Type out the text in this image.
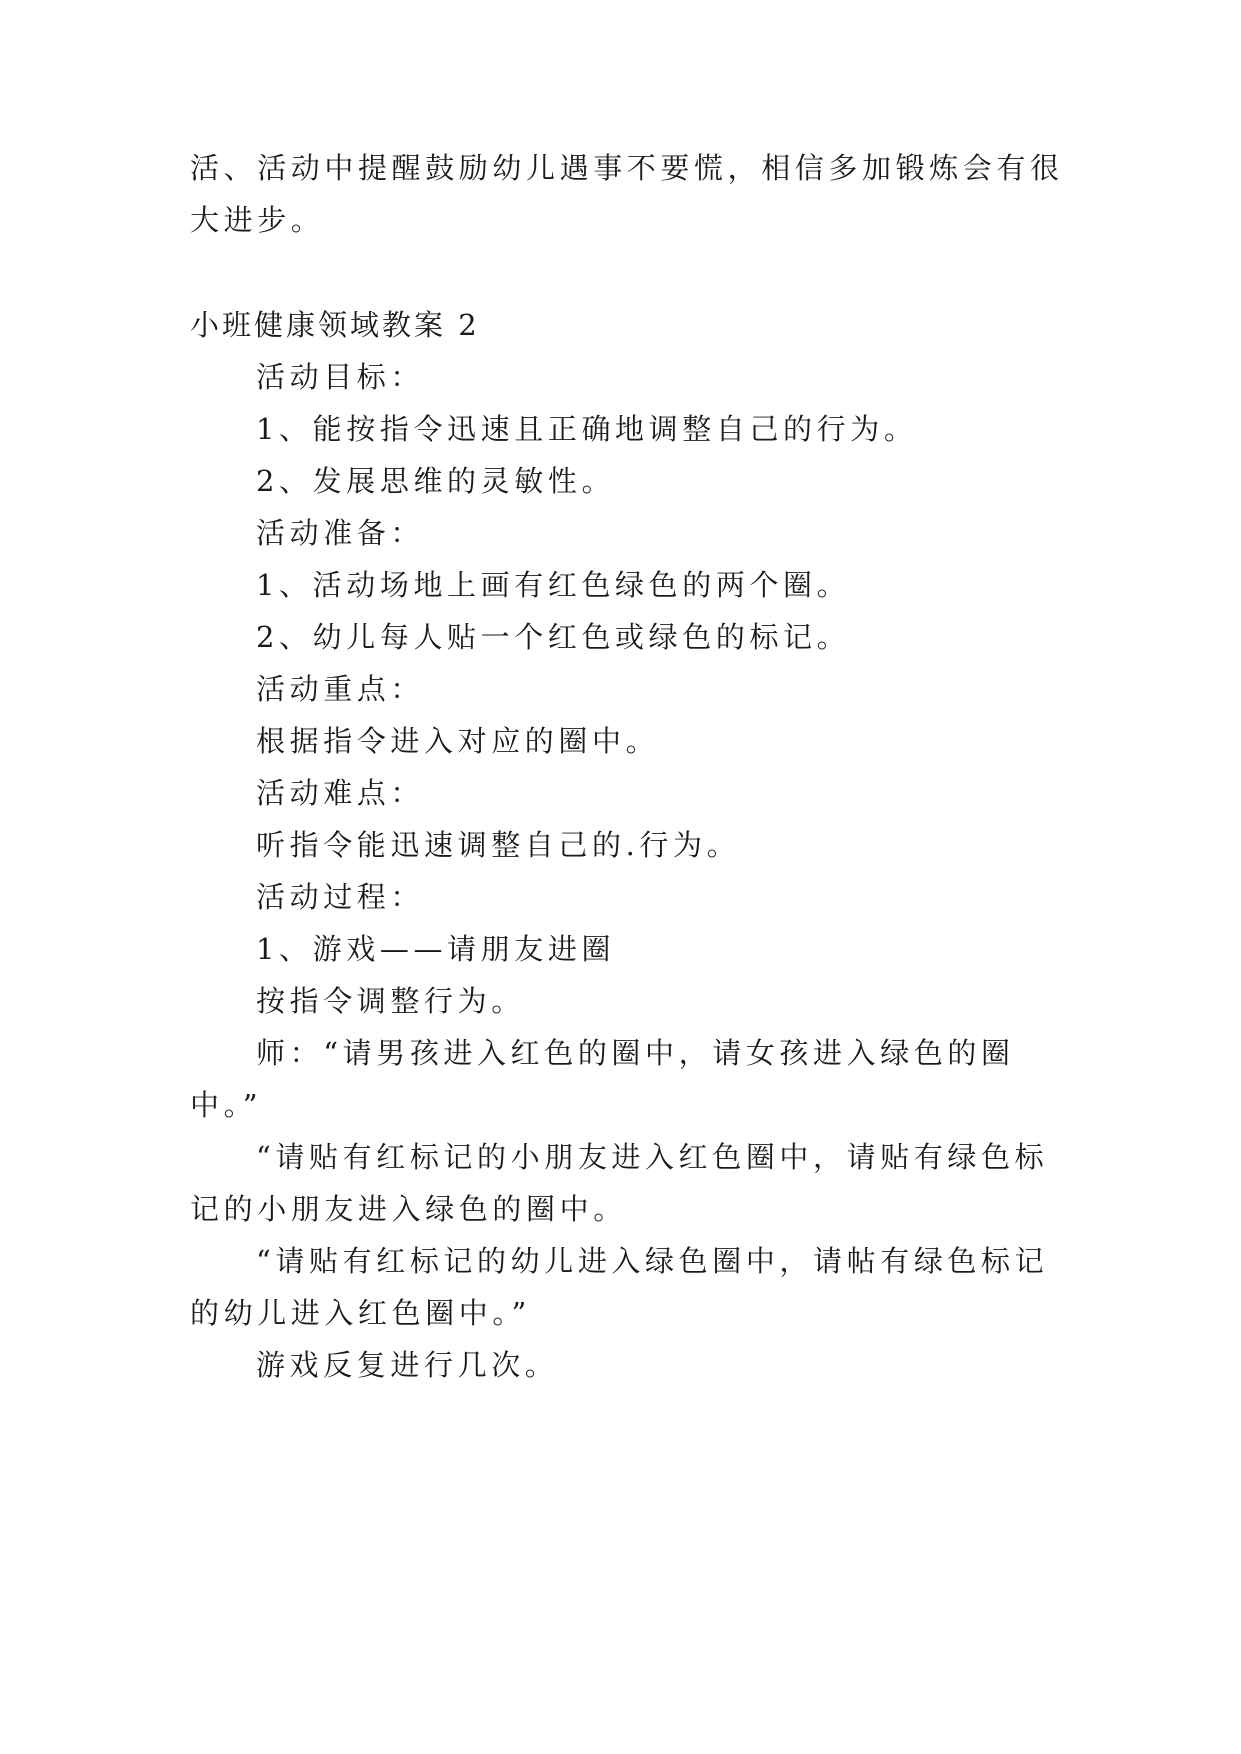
活、活动中提醒鼓励幼儿遇事不要慌，相信多加锻炼会有很
大进步。
小班健康领域教案 2
活动目标：
1、能按指令迅速且正确地调整自己的行为。
2、发展思维的灵敏性。
活动准备：
1、活动场地上画有红色绿色的两个圈。
2、幼儿每人贴一个红色或绿色的标记。
活动重点：
根据指令进入对应的圈中。
活动难点：
听指令能迅速调整自己的.行为。
活动过程：
1、游戏——请朋友进圈
按指令调整行为。
师：“请男孩进入红色的圈中，请女孩进入绿色的圈
中。”
“请贴有红标记的小朋友进入红色圈中，请贴有绿色标
记的小朋友进入绿色的圈中。
“请贴有红标记的幼儿进入绿色圈中，请帖有绿色标记
的幼儿进入红色圈中。”
游戏反复进行几次。
